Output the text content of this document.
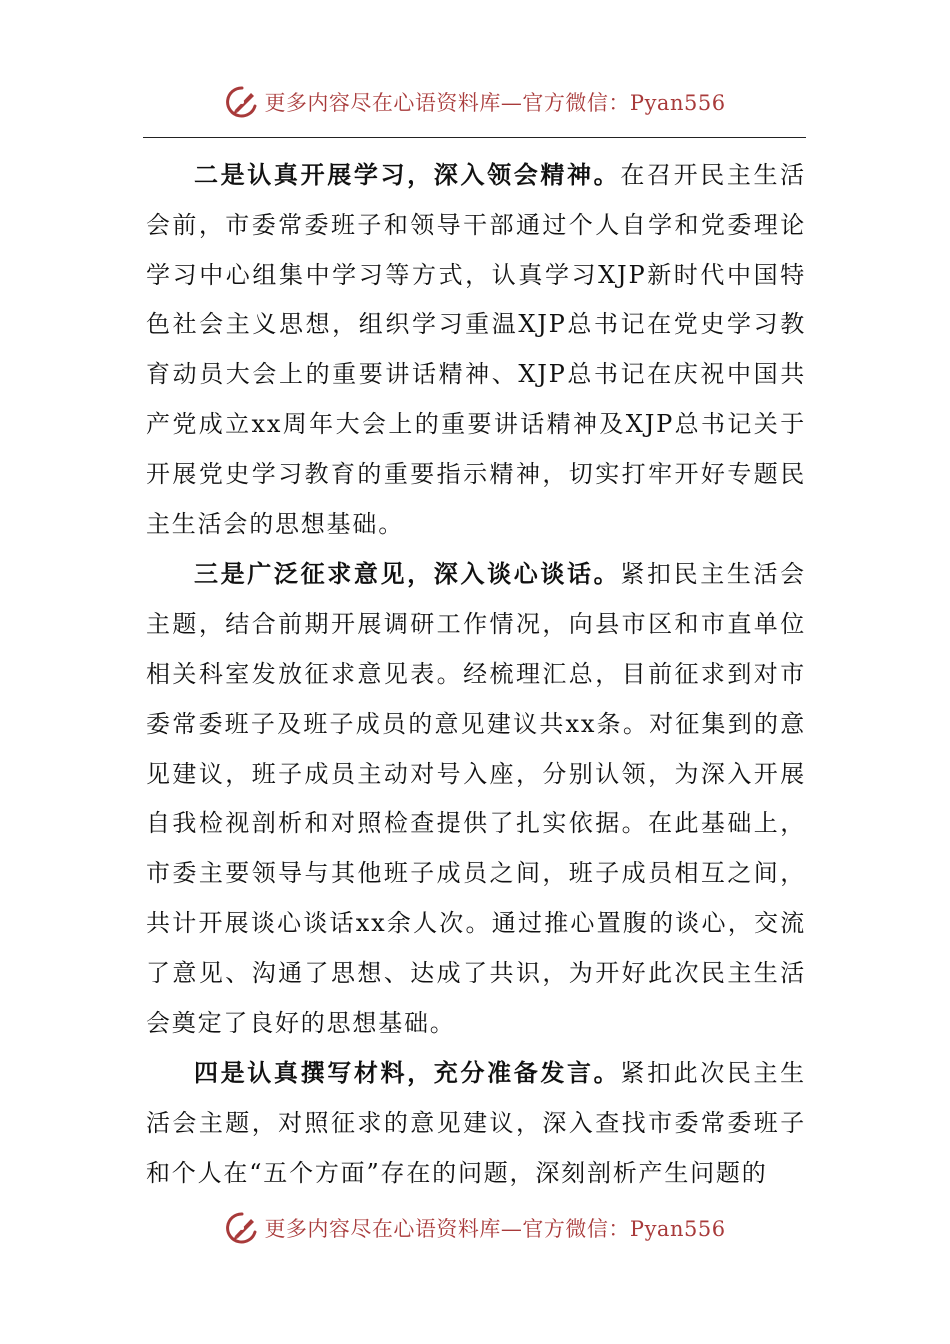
更多内容尽在心语资料库—官方微信：Pyan556

二是认真开展学习，深入领会精神。在召开民主生活会前，市委常委班子和领导干部通过个人自学和党委理论学习中心组集中学习等方式，认真学习XJP新时代中国特色社会主义思想，组织学习重温XJP总书记在党史学习教育动员大会上的重要讲话精神、XJP总书记在庆祝中国共产党成立xx周年大会上的重要讲话精神及XJP总书记关于开展党史学习教育的重要指示精神，切实打牢开好专题民主生活会的思想基础。

三是广泛征求意见，深入谈心谈话。紧扣民主生活会主题，结合前期开展调研工作情况，向县市区和市直单位相关科室发放征求意见表。经梳理汇总，目前征求到对市委常委班子及班子成员的意见建议共xx条。对征集到的意见建议，班子成员主动对号入座，分别认领，为深入开展自我检视剖析和对照检查提供了扎实依据。在此基础上，市委主要领导与其他班子成员之间，班子成员相互之间，共计开展谈心谈话xx余人次。通过推心置腹的谈心，交流了意见、沟通了思想、达成了共识，为开好此次民主生活会奠定了良好的思想基础。

四是认真撰写材料，充分准备发言。紧扣此次民主生活会主题，对照征求的意见建议，深入查找市委常委班子和个人在“五个方面”存在的问题，深刻剖析产生问题的

更多内容尽在心语资料库—官方微信：Pyan556
